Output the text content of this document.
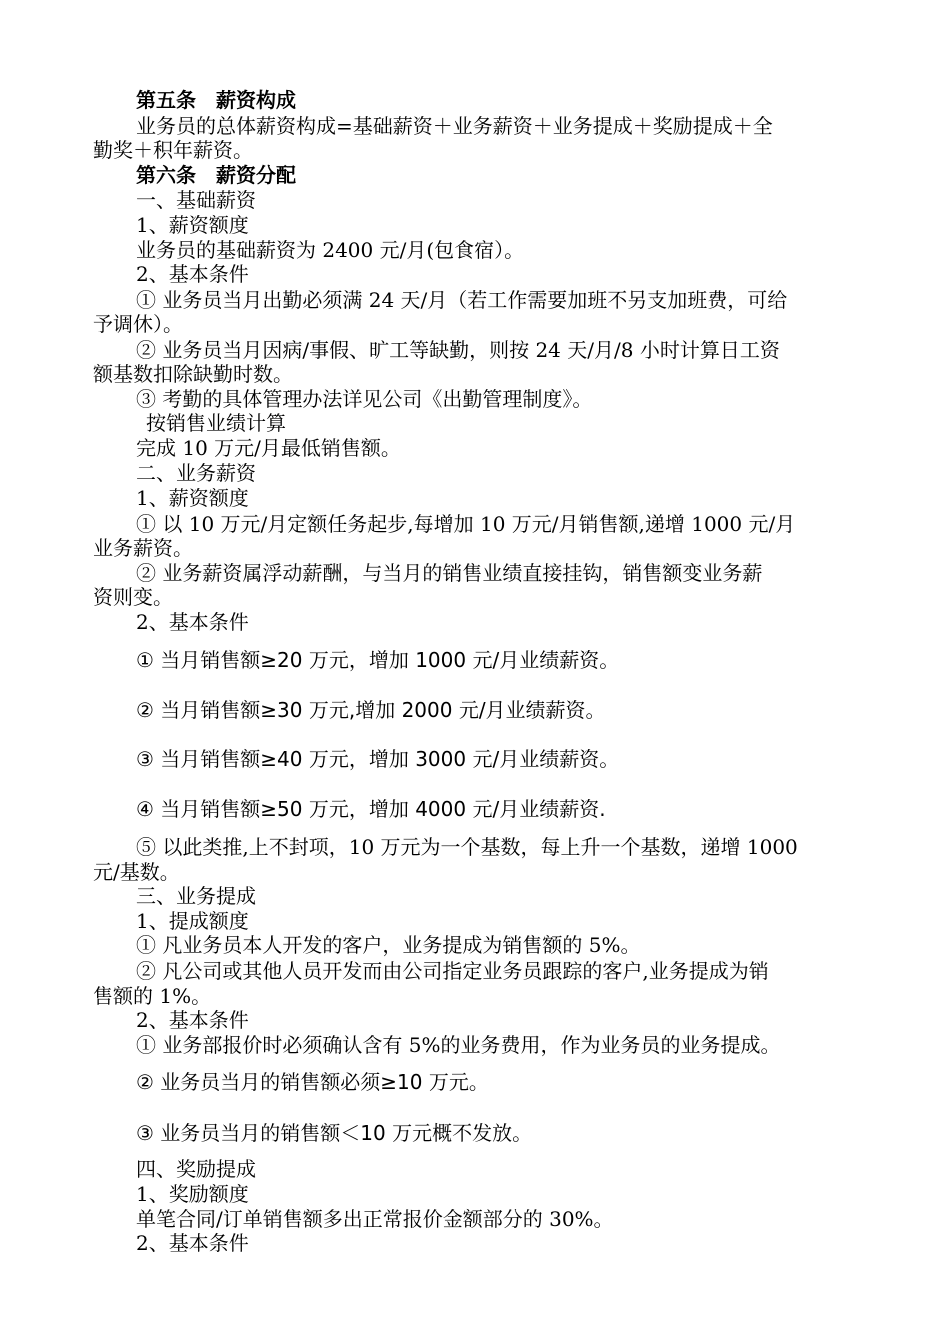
第五条　薪资构成
业务员的总体薪资构成=基础薪资＋业务薪资＋业务提成＋奖励提成＋全
勤奖＋积年薪资。
第六条　薪资分配
一、基础薪资
1、薪资额度
业务员的基础薪资为 2400 元/月(包食宿）。
2、基本条件
① 业务员当月出勤必须满 24 天/月（若工作需要加班不另支加班费，可给
予调休）。
② 业务员当月因病/事假、旷工等缺勤，则按 24 天/月/8 小时计算日工资
额基数扣除缺勤时数。
③ 考勤的具体管理办法详见公司《出勤管理制度》。
按销售业绩计算
完成 10 万元/月最低销售额。
二、业务薪资
1、薪资额度
① 以 10 万元/月定额任务起步,每增加 10 万元/月销售额,递增 1000 元/月
业务薪资。
② 业务薪资属浮动薪酬，与当月的销售业绩直接挂钩，销售额变业务薪
资则变。
2、基本条件
① 当月销售额≥20 万元，增加 1000 元/月业绩薪资。
② 当月销售额≥30 万元,增加 2000 元/月业绩薪资。
③ 当月销售额≥40 万元，增加 3000 元/月业绩薪资。
④ 当月销售额≥50 万元，增加 4000 元/月业绩薪资.
⑤ 以此类推,上不封项，10 万元为一个基数，每上升一个基数，递增 1000
元/基数。
三、业务提成
1、提成额度
① 凡业务员本人开发的客户，业务提成为销售额的 5%。
② 凡公司或其他人员开发而由公司指定业务员跟踪的客户,业务提成为销
售额的 1%。
2、基本条件
① 业务部报价时必须确认含有 5%的业务费用，作为业务员的业务提成。
② 业务员当月的销售额必须≥10 万元。
③ 业务员当月的销售额＜10 万元概不发放。
四、奖励提成
1、奖励额度
单笔合同/订单销售额多出正常报价金额部分的 30%。
2、基本条件
